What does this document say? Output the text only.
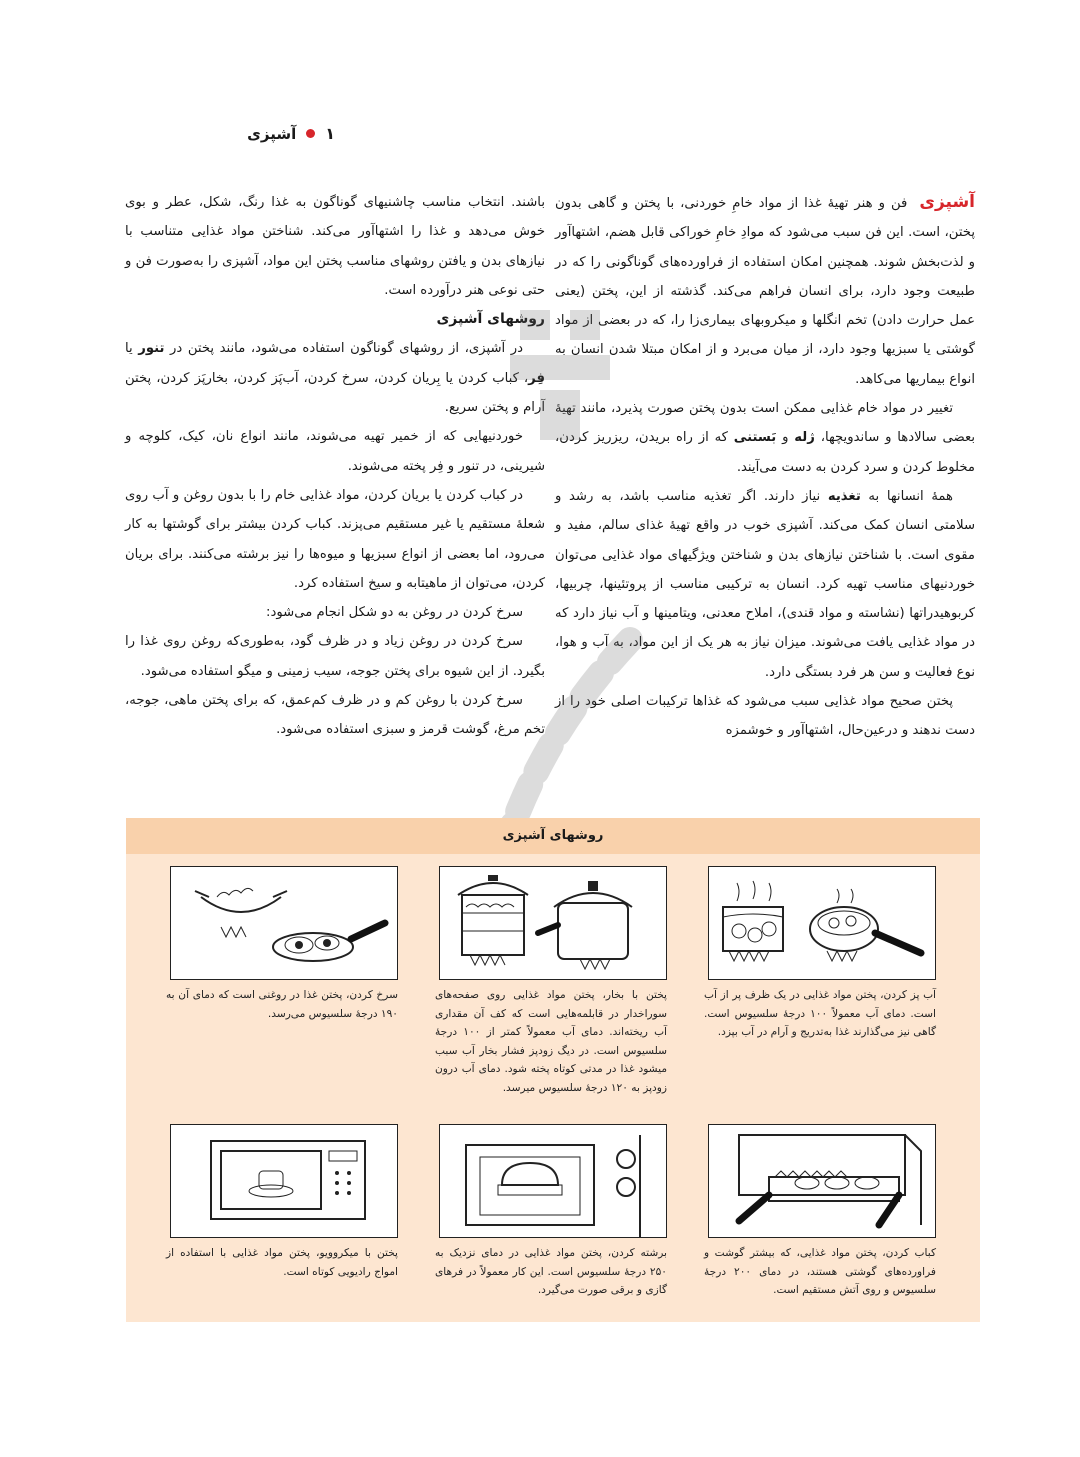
آشپزی ۱

آشپزی  فن و هنر تهیهٔ غذا از مواد خامِ خوردنی، با پختن و گاهی بدون پختن، است. این فن سبب می‌شود که موادِ خامِ خوراکی قابل هضم، اشتهاآور و لذت‌بخش شوند. همچنین امکان استفاده از فراورده‌های گوناگونی را که در طبیعت وجود دارد، برای انسان فراهم می‌کند. گذشته از این، پختن (یعنی عمل حرارت دادن) تخم انگلها و میکروبهای بیماری‌زا را، که در بعضی از مواد گوشتی یا سبزیها وجود دارد، از میان می‌برد و از امکان مبتلا شدن انسان به انواع بیماریها می‌کاهد.

تغییر در مواد خام غذایی ممکن است بدون پختن صورت پذیرد، مانند تهیهٔ بعضی سالادها و ساندویچها، ژله و بَستنی که از راه بریدن، ریزریز کردن، مخلوط کردن و سرد کردن به دست می‌آیند.

همهٔ انسانها به تغذیه نیاز دارند. اگر تغذیه مناسب باشد، به رشد و سلامتی انسان کمک می‌کند. آشپزی خوب در واقع تهیهٔ غذای سالم، مفید و مقوی است. با شناختن نیازهای بدن و شناختن ویژگیهای مواد غذایی می‌توان خوردنیهای مناسب تهیه کرد. انسان به ترکیبی مناسب از پروتئینها، چربیها، کربوهیدراتها (نشاسته و مواد قندی)، املاح معدنی، ویتامینها و آب نیاز دارد که در مواد غذایی یافت می‌شوند. میزان نیاز به هر یک از این مواد، به آب و هوا، نوع فعالیت و سن هر فرد بستگی دارد.

پختن صحیح مواد غذایی سبب می‌شود که غذاها ترکیبات اصلی خود را از دست ندهند و درعین‌حال، اشتهاآور و خوشمزه

باشند. انتخاب مناسب چاشنیهای گوناگون به غذا رنگ، شکل، عطر و بوی خوش می‌دهد و غذا را اشتهاآور می‌کند. شناختن مواد غذایی متناسب با نیازهای بدن و یافتن روشهای مناسب پختن این مواد، آشپزی را به‌صورت فن و حتی نوعی هنر درآورده است.

روشهای آشپزی

در آشپزی، از روشهای گوناگون استفاده می‌شود، مانند پختن در تنور یا فِر، کباب کردن یا بِریان کردن، سرخ کردن، آب‌پَز کردن، بخارپَز کردن، پختن آرام و پختن سریع.

خوردنیهایی که از خمیر تهیه می‌شوند، مانند انواع نان، کیک، کلوچه و شیرینی، در تنور و فِر پخته می‌شوند.

در کباب کردن یا بریان کردن، مواد غذایی خام را با بدون روغن و آب روی شعلهٔ مستقیم یا غیر مستقیم می‌پزند. کباب کردن بیشتر برای گوشتها به کار می‌رود، اما بعضی از انواع سبزیها و میوه‌ها را نیز برشته می‌کنند. برای بریان کردن، می‌توان از ماهیتابه و سیخ استفاده کرد.

سرخ کردن در روغن به دو شکل انجام می‌شود:

سرخ کردن در روغن زیاد و در ظرف گود، به‌طوری‌که روغن روی غذا را بگیرد. از این شیوه برای پختن جوجه، سیب زمینی و میگو استفاده می‌شود.

سرخ کردن با روغن کم و در ظرف کم‌عمق، که برای پختن ماهی، جوجه، تخم مرغ، گوشت قرمز و سبزی استفاده می‌شود.

روشهای آشپزی
آب پز کردن، پختن مواد غذایی در یک ظرف پر از آب است. دمای آب معمولاً ۱۰۰ درجهٔ سلسیوس است. گاهی نیز می‌گذارند غذا به‌تدریج و آرام در آب بپزد.
پختن با بخار، پختن مواد غذایی روی صفحه‌های سوراخدار در قابلمه‌هایی است که کف آن مقداری آب ریخته‌اند. دمای آب معمولاً کمتر از ۱۰۰ درجهٔ سلسیوس است. در دیگ زودپز فشار بخار آب سبب میشود غذا در مدتی کوتاه پخته شود. دمای آب درون زودپز به ۱۲۰ درجهٔ سلسیوس میرسد.
سرخ کردن، پختن غذا در روغنی است که دمای آن به ۱۹۰ درجهٔ سلسیوس می‌رسد.
کباب کردن، پختن مواد غذایی، که بیشتر گوشت و فراورده‌های گوشتی هستند، در دمای ۲۰۰ درجهٔ سلسیوس و روی آتش مستقیم است.
برشته کردن، پختن مواد غذایی در دمای نزدیک به ۲۵۰ درجهٔ سلسیوس است. این کار معمولاً در فرهای گازی و برقی صورت می‌گیرد.
پختن با میکروویو، پختن مواد غذایی با استفاده از امواج رادیویی کوتاه است.
